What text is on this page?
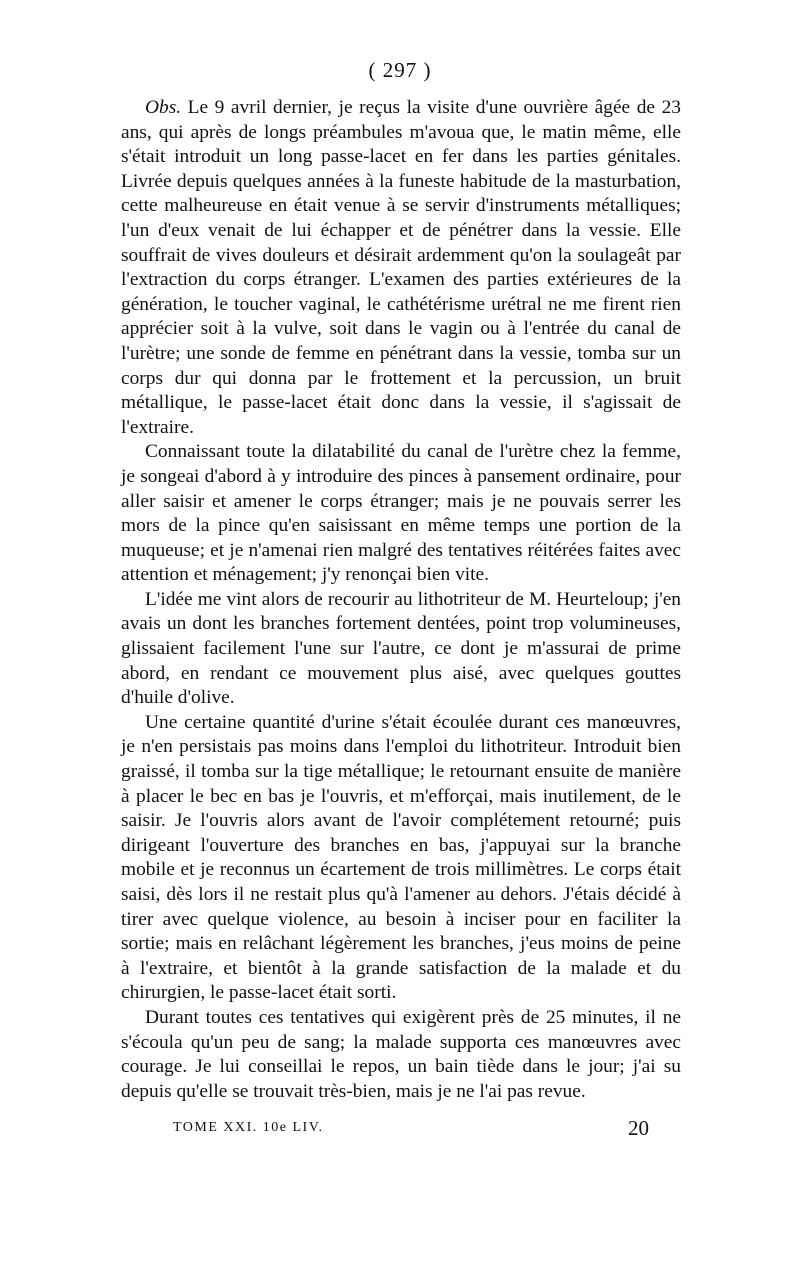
( 297 )

Obs. Le 9 avril dernier, je reçus la visite d'une ouvrière âgée de 23 ans, qui après de longs préambules m'avoua que, le matin même, elle s'était introduit un long passe-lacet en fer dans les parties génitales. Livrée depuis quelques années à la funeste habitude de la masturbation, cette malheureuse en était venue à se servir d'instruments métalliques; l'un d'eux venait de lui échapper et de pénétrer dans la vessie. Elle souffrait de vives douleurs et désirait ardemment qu'on la soulageât par l'extraction du corps étranger. L'examen des parties extérieures de la génération, le toucher vaginal, le cathétérisme urétral ne me firent rien apprécier soit à la vulve, soit dans le vagin ou à l'entrée du canal de l'urètre; une sonde de femme en pénétrant dans la vessie, tomba sur un corps dur qui donna par le frottement et la percussion, un bruit métallique, le passe-lacet était donc dans la vessie, il s'agissait de l'extraire.

Connaissant toute la dilatabilité du canal de l'urètre chez la femme, je songeai d'abord à y introduire des pinces à pansement ordinaire, pour aller saisir et amener le corps étranger; mais je ne pouvais serrer les mors de la pince qu'en saisissant en même temps une portion de la muqueuse; et je n'amenai rien malgré des tentatives réitérées faites avec attention et ménagement; j'y renonçai bien vite.

L'idée me vint alors de recourir au lithotriteur de M. Heurteloup; j'en avais un dont les branches fortement dentées, point trop volumineuses, glissaient facilement l'une sur l'autre, ce dont je m'assurai de prime abord, en rendant ce mouvement plus aisé, avec quelques gouttes d'huile d'olive.

Une certaine quantité d'urine s'était écoulée durant ces manœuvres, je n'en persistais pas moins dans l'emploi du lithotriteur. Introduit bien graissé, il tomba sur la tige métallique; le retournant ensuite de manière à placer le bec en bas je l'ouvris, et m'efforçai, mais inutilement, de le saisir. Je l'ouvris alors avant de l'avoir complétement retourné; puis dirigeant l'ouverture des branches en bas, j'appuyai sur la branche mobile et je reconnus un écartement de trois millimètres. Le corps était saisi, dès lors il ne restait plus qu'à l'amener au dehors. J'étais décidé à tirer avec quelque violence, au besoin à inciser pour en faciliter la sortie; mais en relâchant légèrement les branches, j'eus moins de peine à l'extraire, et bientôt à la grande satisfaction de la malade et du chirurgien, le passe-lacet était sorti.

Durant toutes ces tentatives qui exigèrent près de 25 minutes, il ne s'écoula qu'un peu de sang; la malade supporta ces manœuvres avec courage. Je lui conseillai le repos, un bain tiède dans le jour; j'ai su depuis qu'elle se trouvait très-bien, mais je ne l'ai pas revue.

TOME XXI. 10e LIV.	20
